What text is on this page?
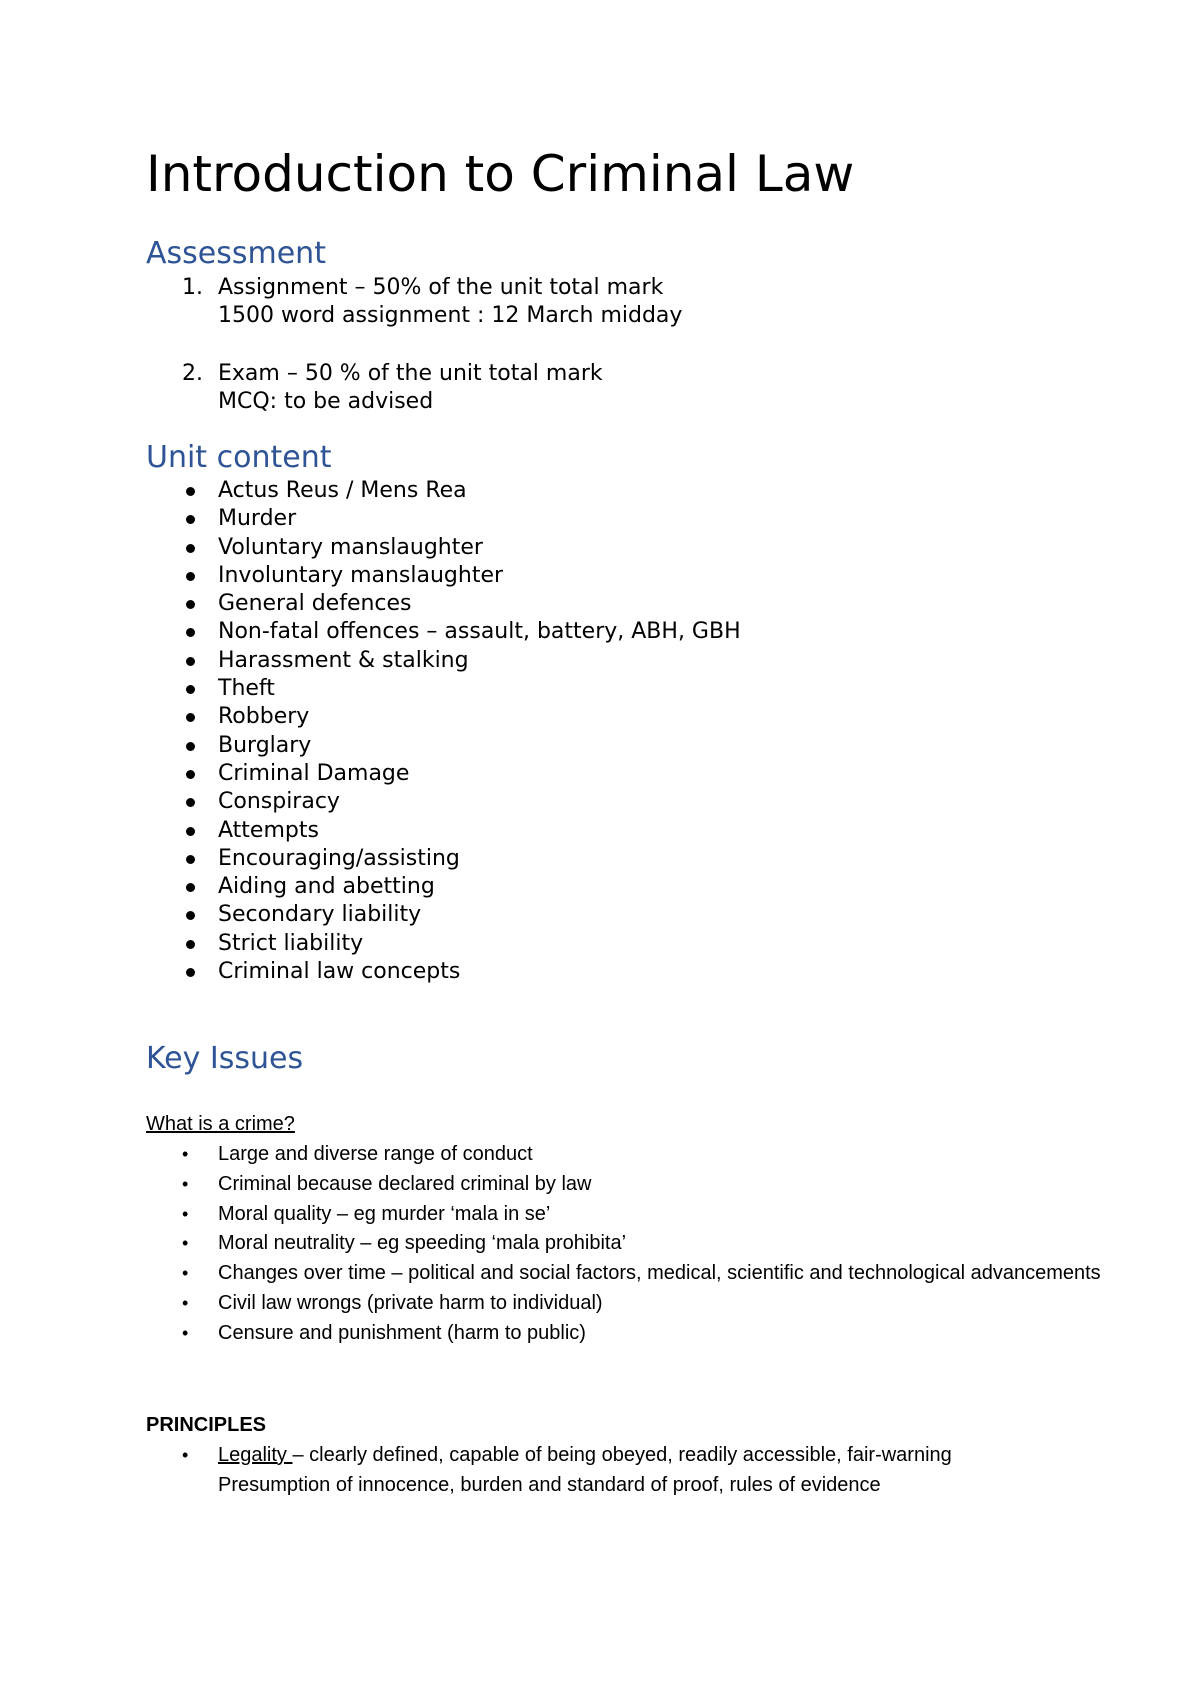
Introduction to Criminal Law
Assessment
1. Assignment – 50% of the unit total mark
1500 word assignment : 12 March midday
2. Exam – 50 % of the unit total mark
MCQ: to be advised
Unit content
Actus Reus / Mens Rea
Murder
Voluntary manslaughter
Involuntary manslaughter
General defences
Non-fatal offences – assault, battery, ABH, GBH
Harassment & stalking
Theft
Robbery
Burglary
Criminal Damage
Conspiracy
Attempts
Encouraging/assisting
Aiding and abetting
Secondary liability
Strict liability
Criminal law concepts
Key Issues
What is a crime?
• Large and diverse range of conduct
• Criminal because declared criminal by law
• Moral quality – eg murder ‘mala in se’
• Moral neutrality – eg speeding ‘mala prohibita’
• Changes over time – political and social factors, medical, scientific and technological advancements
• Civil law wrongs (private harm to individual)
• Censure and punishment (harm to public)
PRINCIPLES
• Legality – clearly defined, capable of being obeyed, readily accessible, fair-warning
Presumption of innocence, burden and standard of proof, rules of evidence
